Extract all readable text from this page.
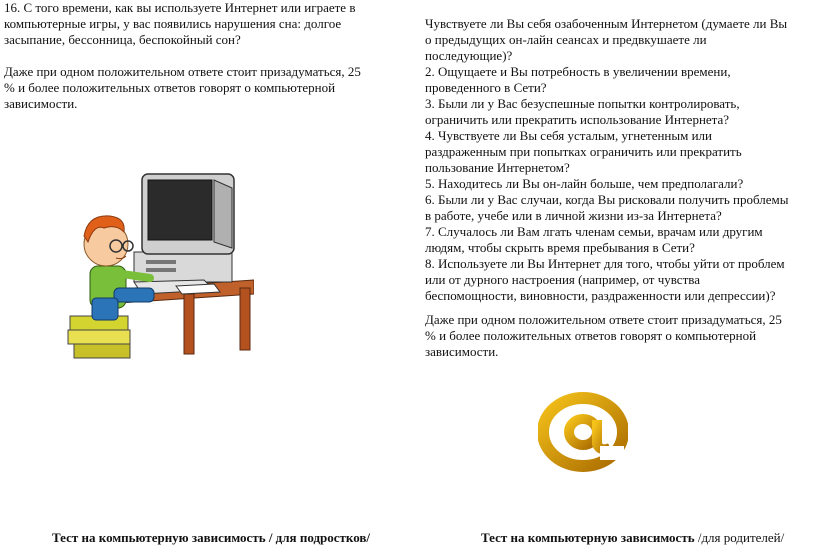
16. С того времени, как вы используете Интернет или играете в
компьютерные игры, у вас появились нарушения сна: долгое
засыпание, бессонница, беспокойный сон?
Даже при одном положительном ответе стоит призадуматься, 25
% и более положительных ответов говорят о компьютерной
зависимости.
Чувствуете ли Вы себя озабоченным Интернетом (думаете ли Вы
о предыдущих он-лайн сеансах и предвкушаете ли
последующие)?
2. Ощущаете и Вы потребность в увеличении времени,
проведенного в Сети?
3. Были ли у Вас безуспешные попытки контролировать,
ограничить или прекратить использование Интернета?
4. Чувствуете ли Вы себя усталым, угнетенным или
раздраженным при попытках ограничить или прекратить
пользование Интернетом?
5. Находитесь ли Вы он-лайн больше, чем предполагали?
6. Были ли у Вас случаи, когда Вы рисковали получить проблемы
в работе, учебе или в личной жизни из-за Интернета?
7. Случалось ли Вам лгать членам семьи, врачам или другим
людям, чтобы скрыть время пребывания в Сети?
8. Используете ли Вы Интернет для того, чтобы уйти от проблем
или от дурного настроения (например, от чувства
беспомощности, виновности, раздраженности или депрессии)?
Даже при одном положительном ответе стоит призадуматься, 25
% и более положительных ответов говорят о компьютерной
зависимости.
Тест на компьютерную зависимость / для подростков/	Тест на компьютерную зависимость /для родителей/
